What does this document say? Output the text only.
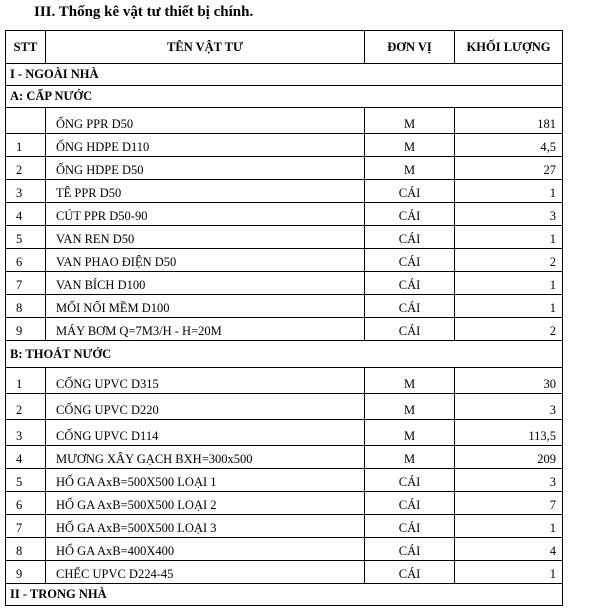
III. Thống kê vật tư thiết bị chính.
STT	TÊN VẬT TƯ	ĐƠN VỊ	KHỐI LƯỢNG
I - NGOÀI NHÀ			
A: CẤP NƯỚC			
	ỐNG PPR D50	M	181
1	ỐNG HDPE D110	M	4,5
2	ỐNG HDPE D50	M	27
3	TÊ PPR D50	CÁI	1
4	CÚT PPR D50-90	CÁI	3
5	VAN REN D50	CÁI	1
6	VAN PHAO ĐIỆN D50	CÁI	2
7	VAN BÍCH D100	CÁI	1
8	MỐI NỐI MỀM D100	CÁI	1
9	MÁY BƠM Q=7M3/H - H=20M	CÁI	2
B: THOÁT NƯỚC			
1	CỐNG UPVC D315	M	30
2	CỐNG UPVC D220	M	3
3	CỐNG UPVC D114	M	113,5
4	MƯƠNG XÂY GẠCH BXH=300x500	M	209
5	HỐ GA AxB=500X500 LOẠI 1	CÁI	3
6	HỐ GA AxB=500X500 LOẠI 2	CÁI	7
7	HỐ GA AxB=500X500 LOẠI 3	CÁI	1
8	HỐ GA AxB=400X400	CÁI	4
9	CHẾC UPVC D224-45	CÁI	1
II - TRONG NHÀ			
